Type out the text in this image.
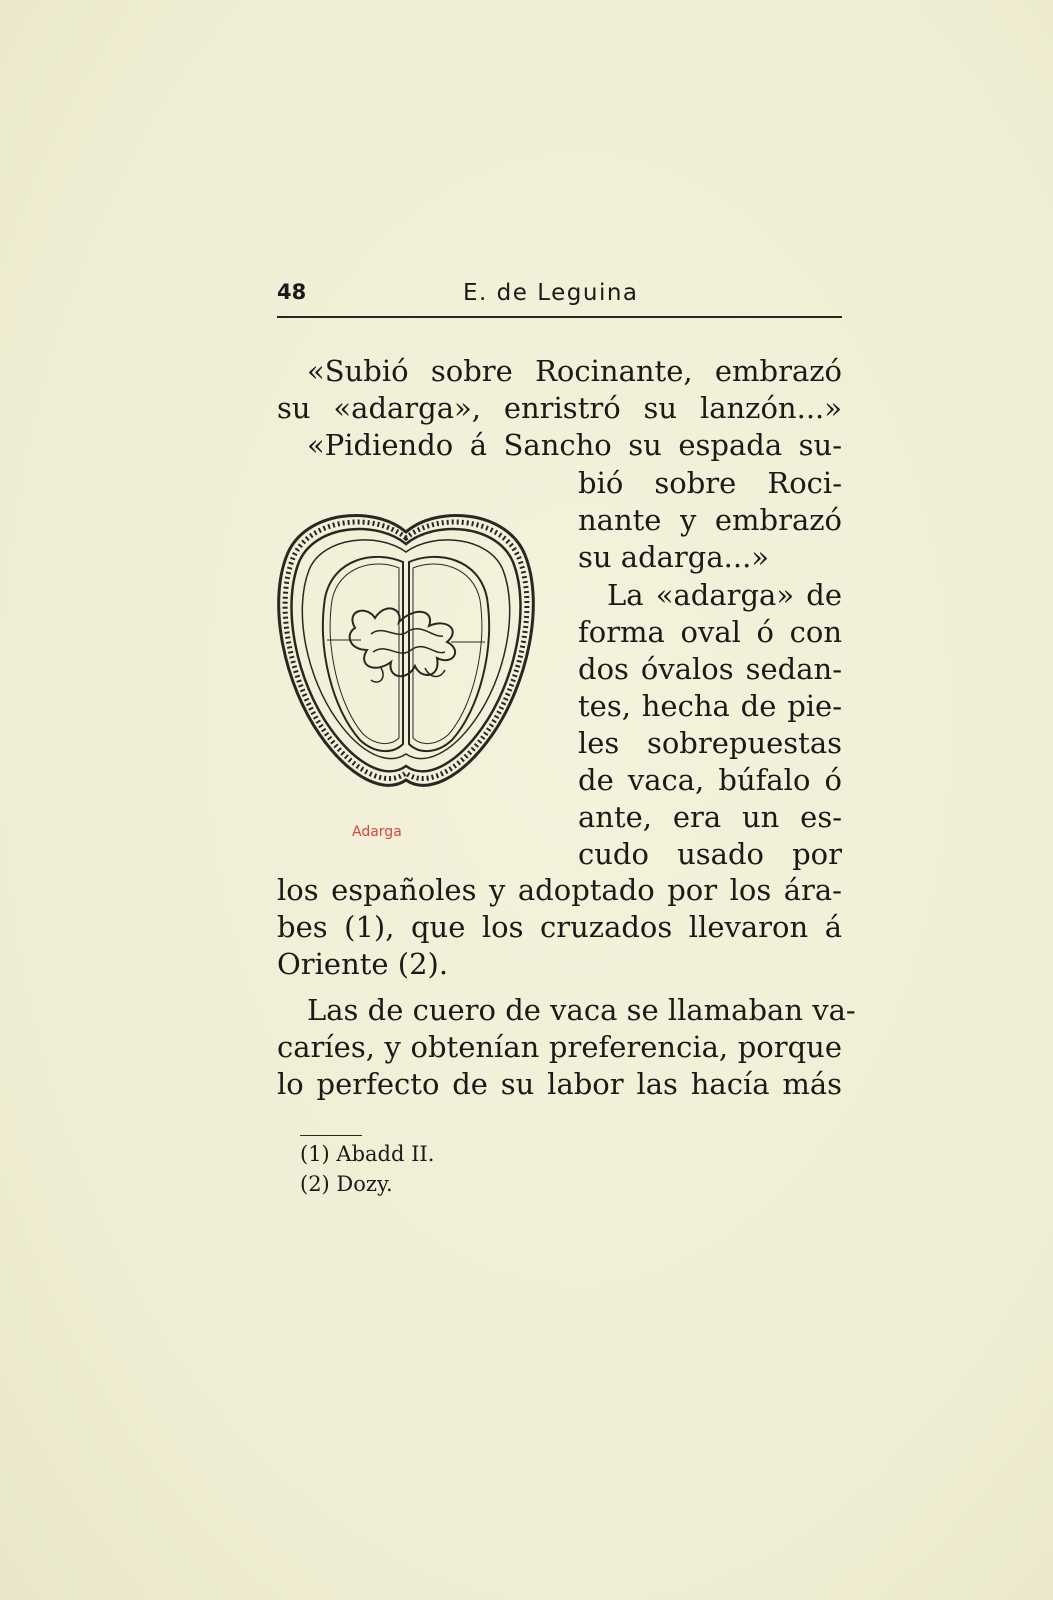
48	E. de Leguina
«Subió sobre Rocinante, embrazó
su «adarga», enristró su lanzón...»
«Pidiendo á Sancho su espada su-
bió sobre Roci-
nante y embrazó
su adarga...»
La «adarga» de
forma oval ó con
dos óvalos sedan-
tes, hecha de pie-
les sobrepuestas
de vaca, búfalo ó
ante, era un es-
cudo usado por
los españoles y adoptado por los ára-
bes (1), que los cruzados llevaron á
Oriente (2).
Las de cuero de vaca se llamaban va-
caríes, y obtenían preferencia, porque
lo perfecto de su labor las hacía más
Adarga
(1) Abadd II.
(2) Dozy.
